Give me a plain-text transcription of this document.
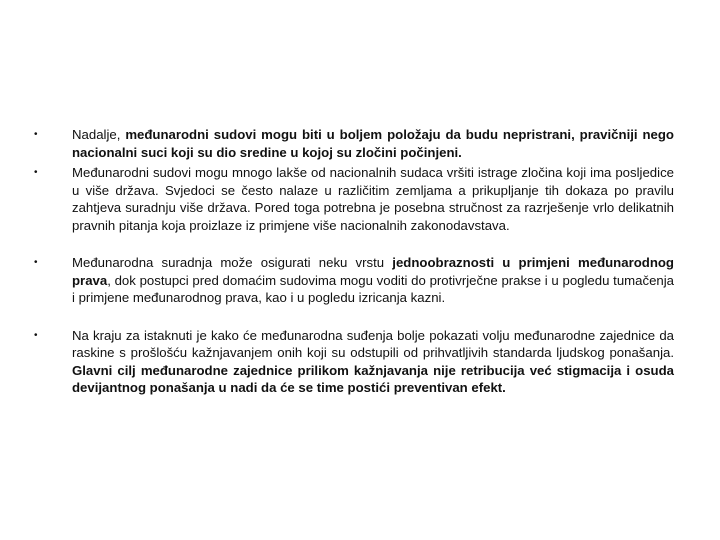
•	Nadalje, međunarodni sudovi mogu biti u boljem položaju da budu nepristrani, pravičniji nego nacionalni suci koji su dio sredine u kojoj su zločini počinjeni.
•	Međunarodni sudovi mogu mnogo lakše od nacionalnih sudaca vršiti istrage zločina koji ima posljedice u više država. Svjedoci se često nalaze u različitim zemljama a prikupljanje tih dokaza po pravilu zahtjeva suradnju više država. Pored toga potrebna je posebna stručnost za razrješenje vrlo delikatnih pravnih pitanja koja proizlaze iz primjene više nacionalnih zakonodavstava.
•	Međunarodna suradnja može osigurati neku vrstu jednoobraznosti u primjeni međunarodnog prava, dok postupci pred domaćim sudovima mogu voditi do protivrječne prakse i u pogledu tumačenja i primjene međunarodnog prava, kao i u pogledu izricanja kazni.
•	Na kraju za istaknuti je kako će međunarodna suđenja bolje pokazati volju međunarodne zajednice da raskine s prošlošću kažnjavanjem onih koji su odstupili od prihvatljivih standarda ljudskog ponašanja. Glavni cilj međunarodne zajednice prilikom kažnjavanja nije retribucija već stigmacija i osuda devijantnog ponašanja u nadi da će se time postići preventivan efekt.
